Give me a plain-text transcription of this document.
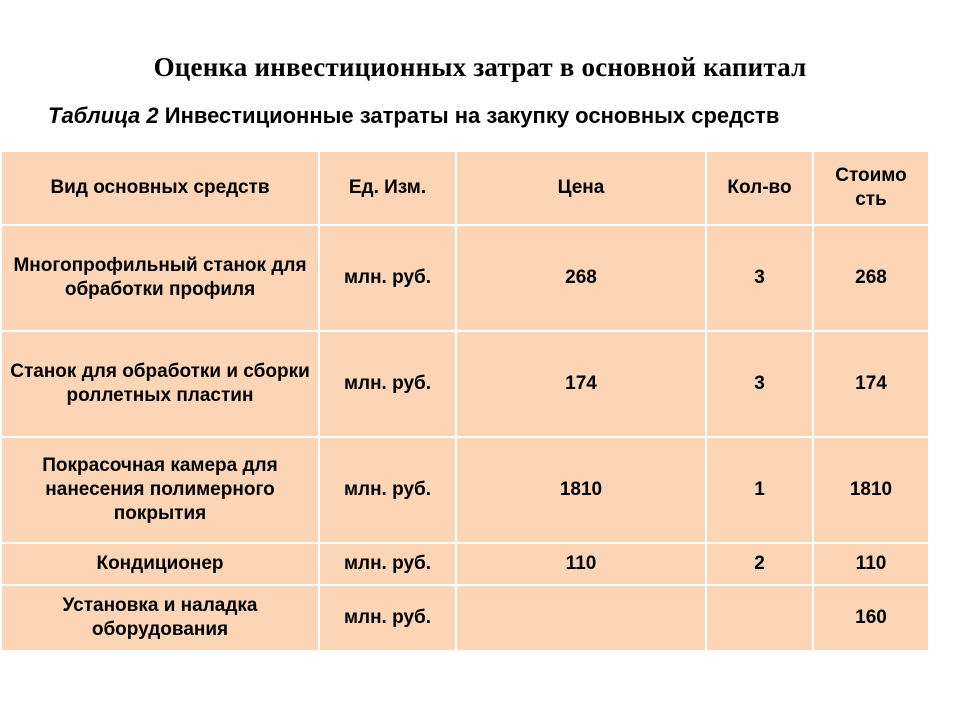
Оценка инвестиционных затрат в основной капитал
Таблица 2 Инвестиционные затраты на закупку основных средств
Вид основных средств	Ед. Изм.	Цена	Кол-во	Стоимо сть
Многопрофильный станок для обработки профиля	млн. руб.	268	3	268
Станок для обработки и сборки роллетных пластин	млн. руб.	174	3	174
Покрасочная камера для нанесения полимерного покрытия	млн. руб.	1810	1	1810
Кондиционер	млн. руб.	110	2	110
Установка и наладка оборудования	млн. руб.			160
